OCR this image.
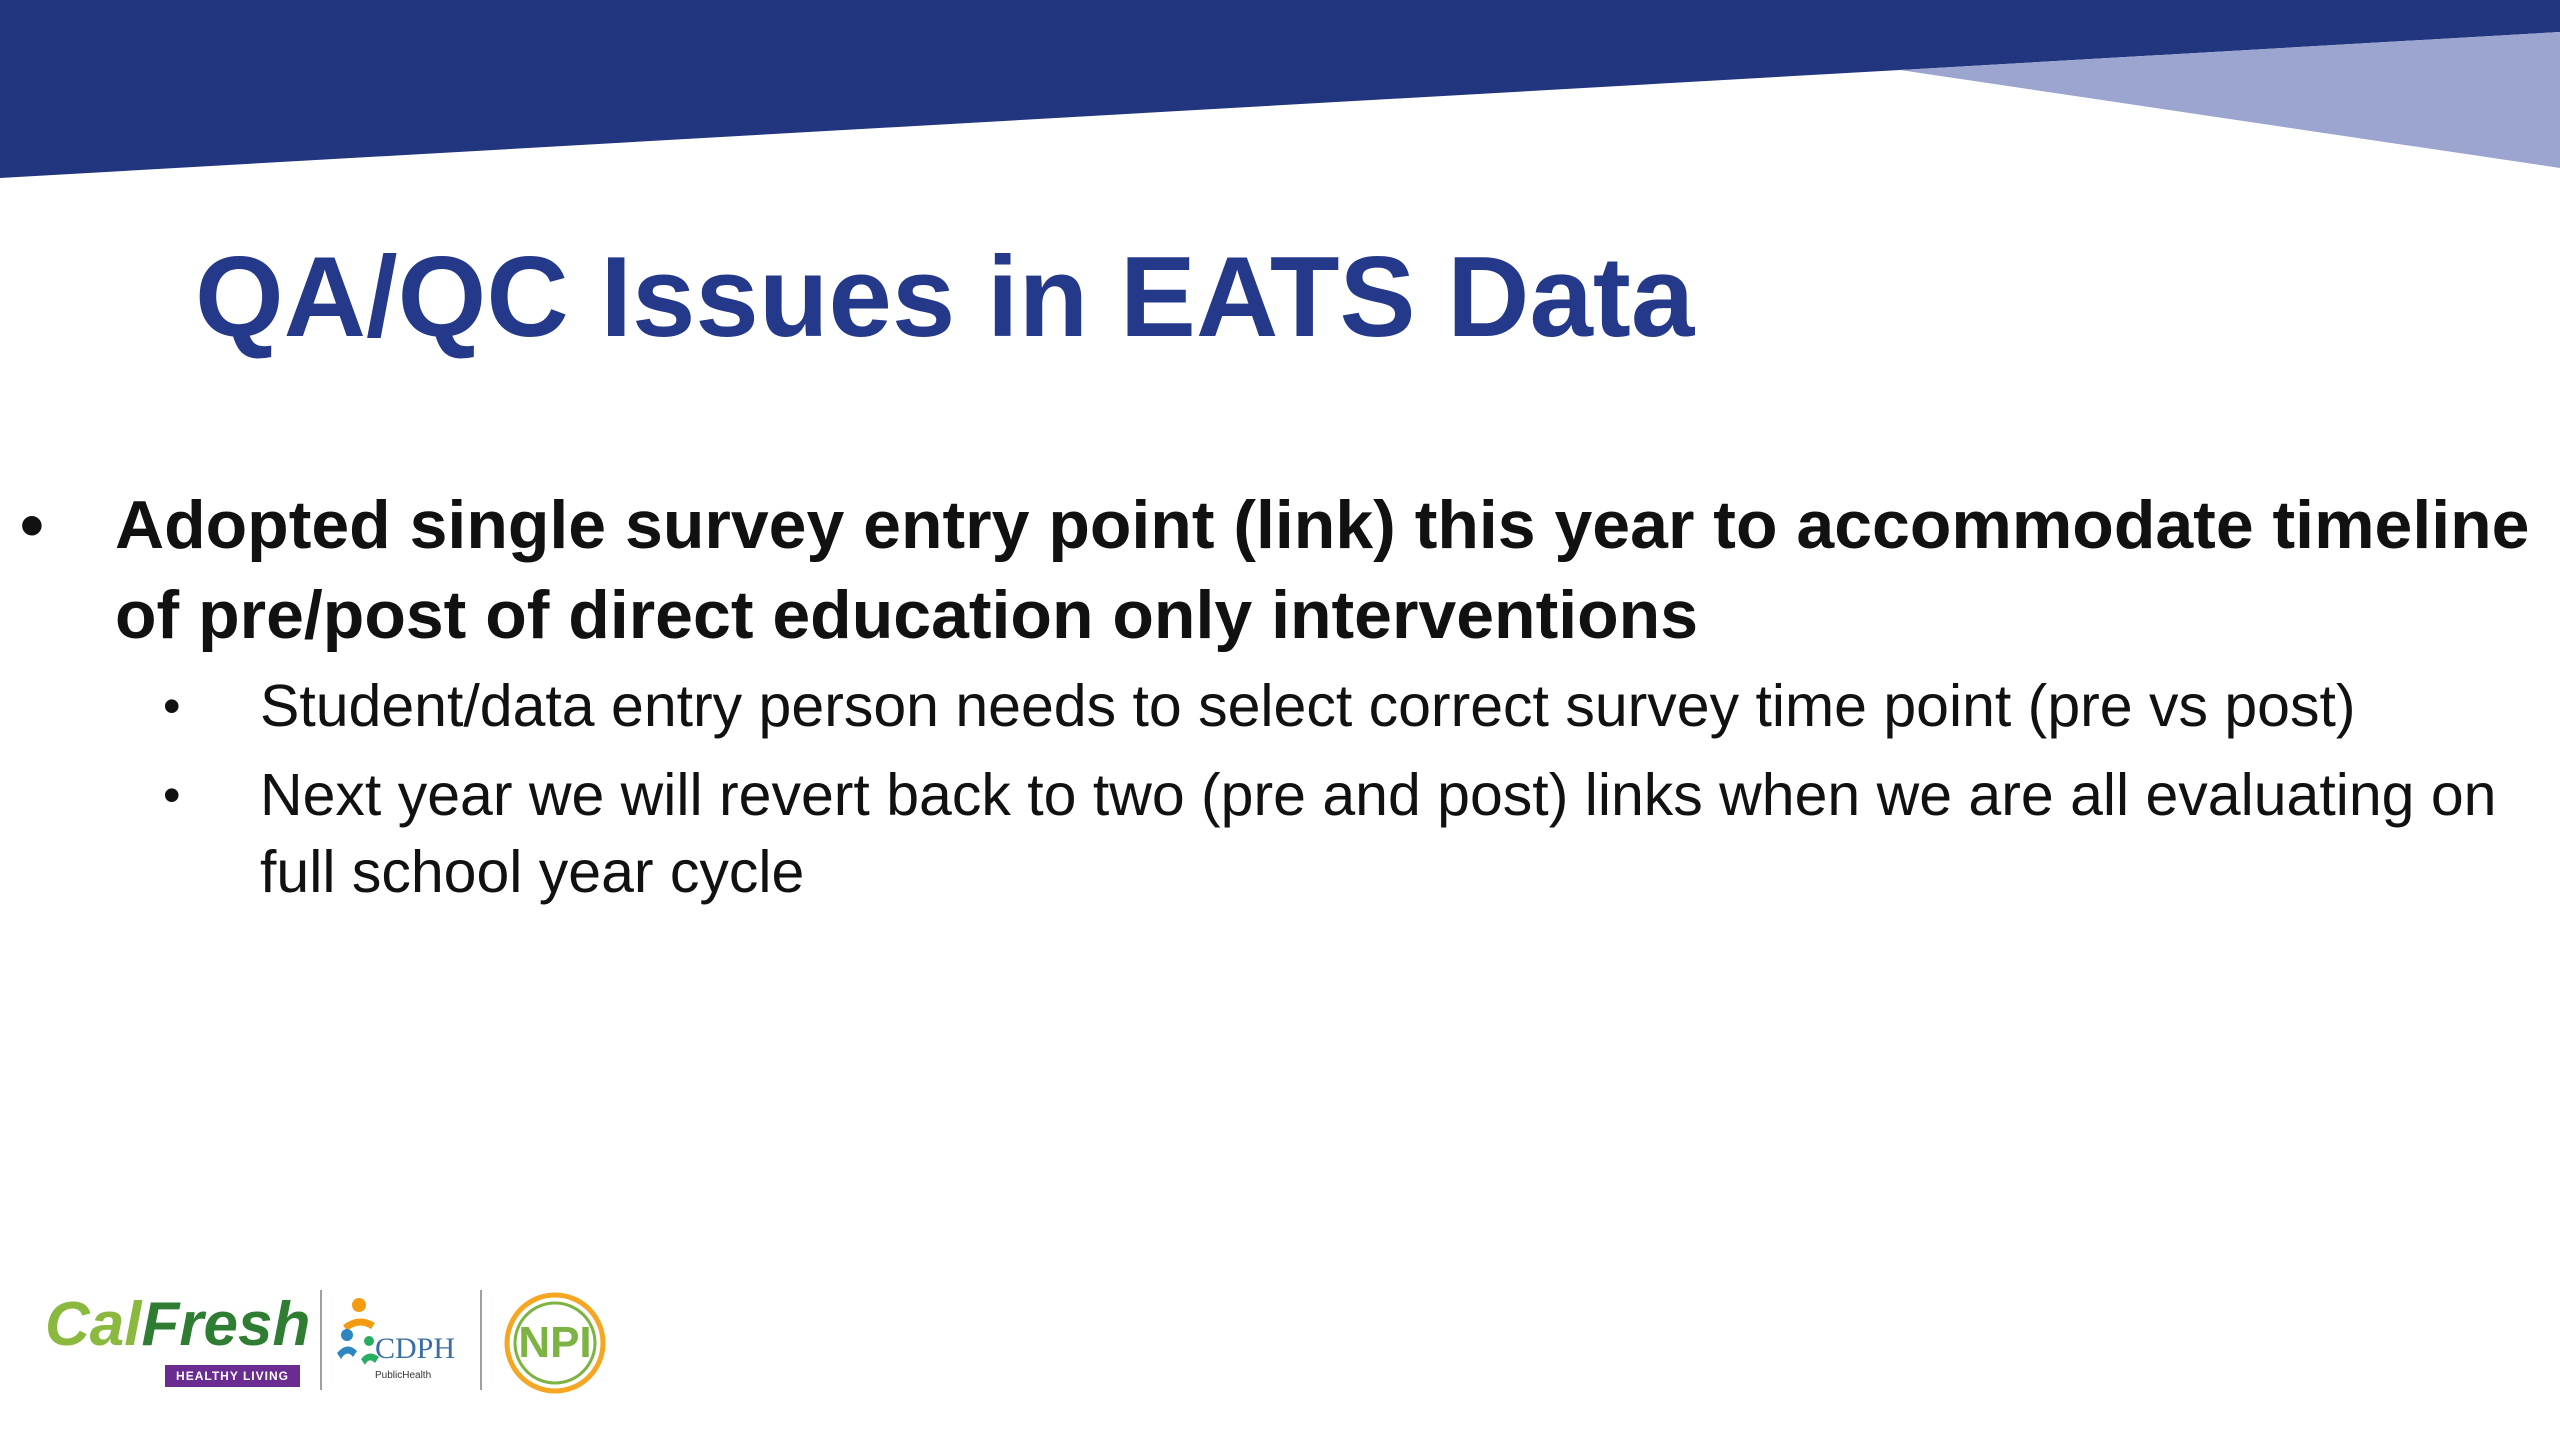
QA/QC Issues in EATS Data
• Adopted single survey entry point (link) this year to accommodate timeline of pre/post of direct education only interventions
• Student/data entry person needs to select correct survey time point (pre vs post)
• Next year we will revert back to two (pre and post) links when we are all evaluating on full school year cycle
CalFresh
HEALTHY LIVING
CDPH
PublicHealth
NPI
